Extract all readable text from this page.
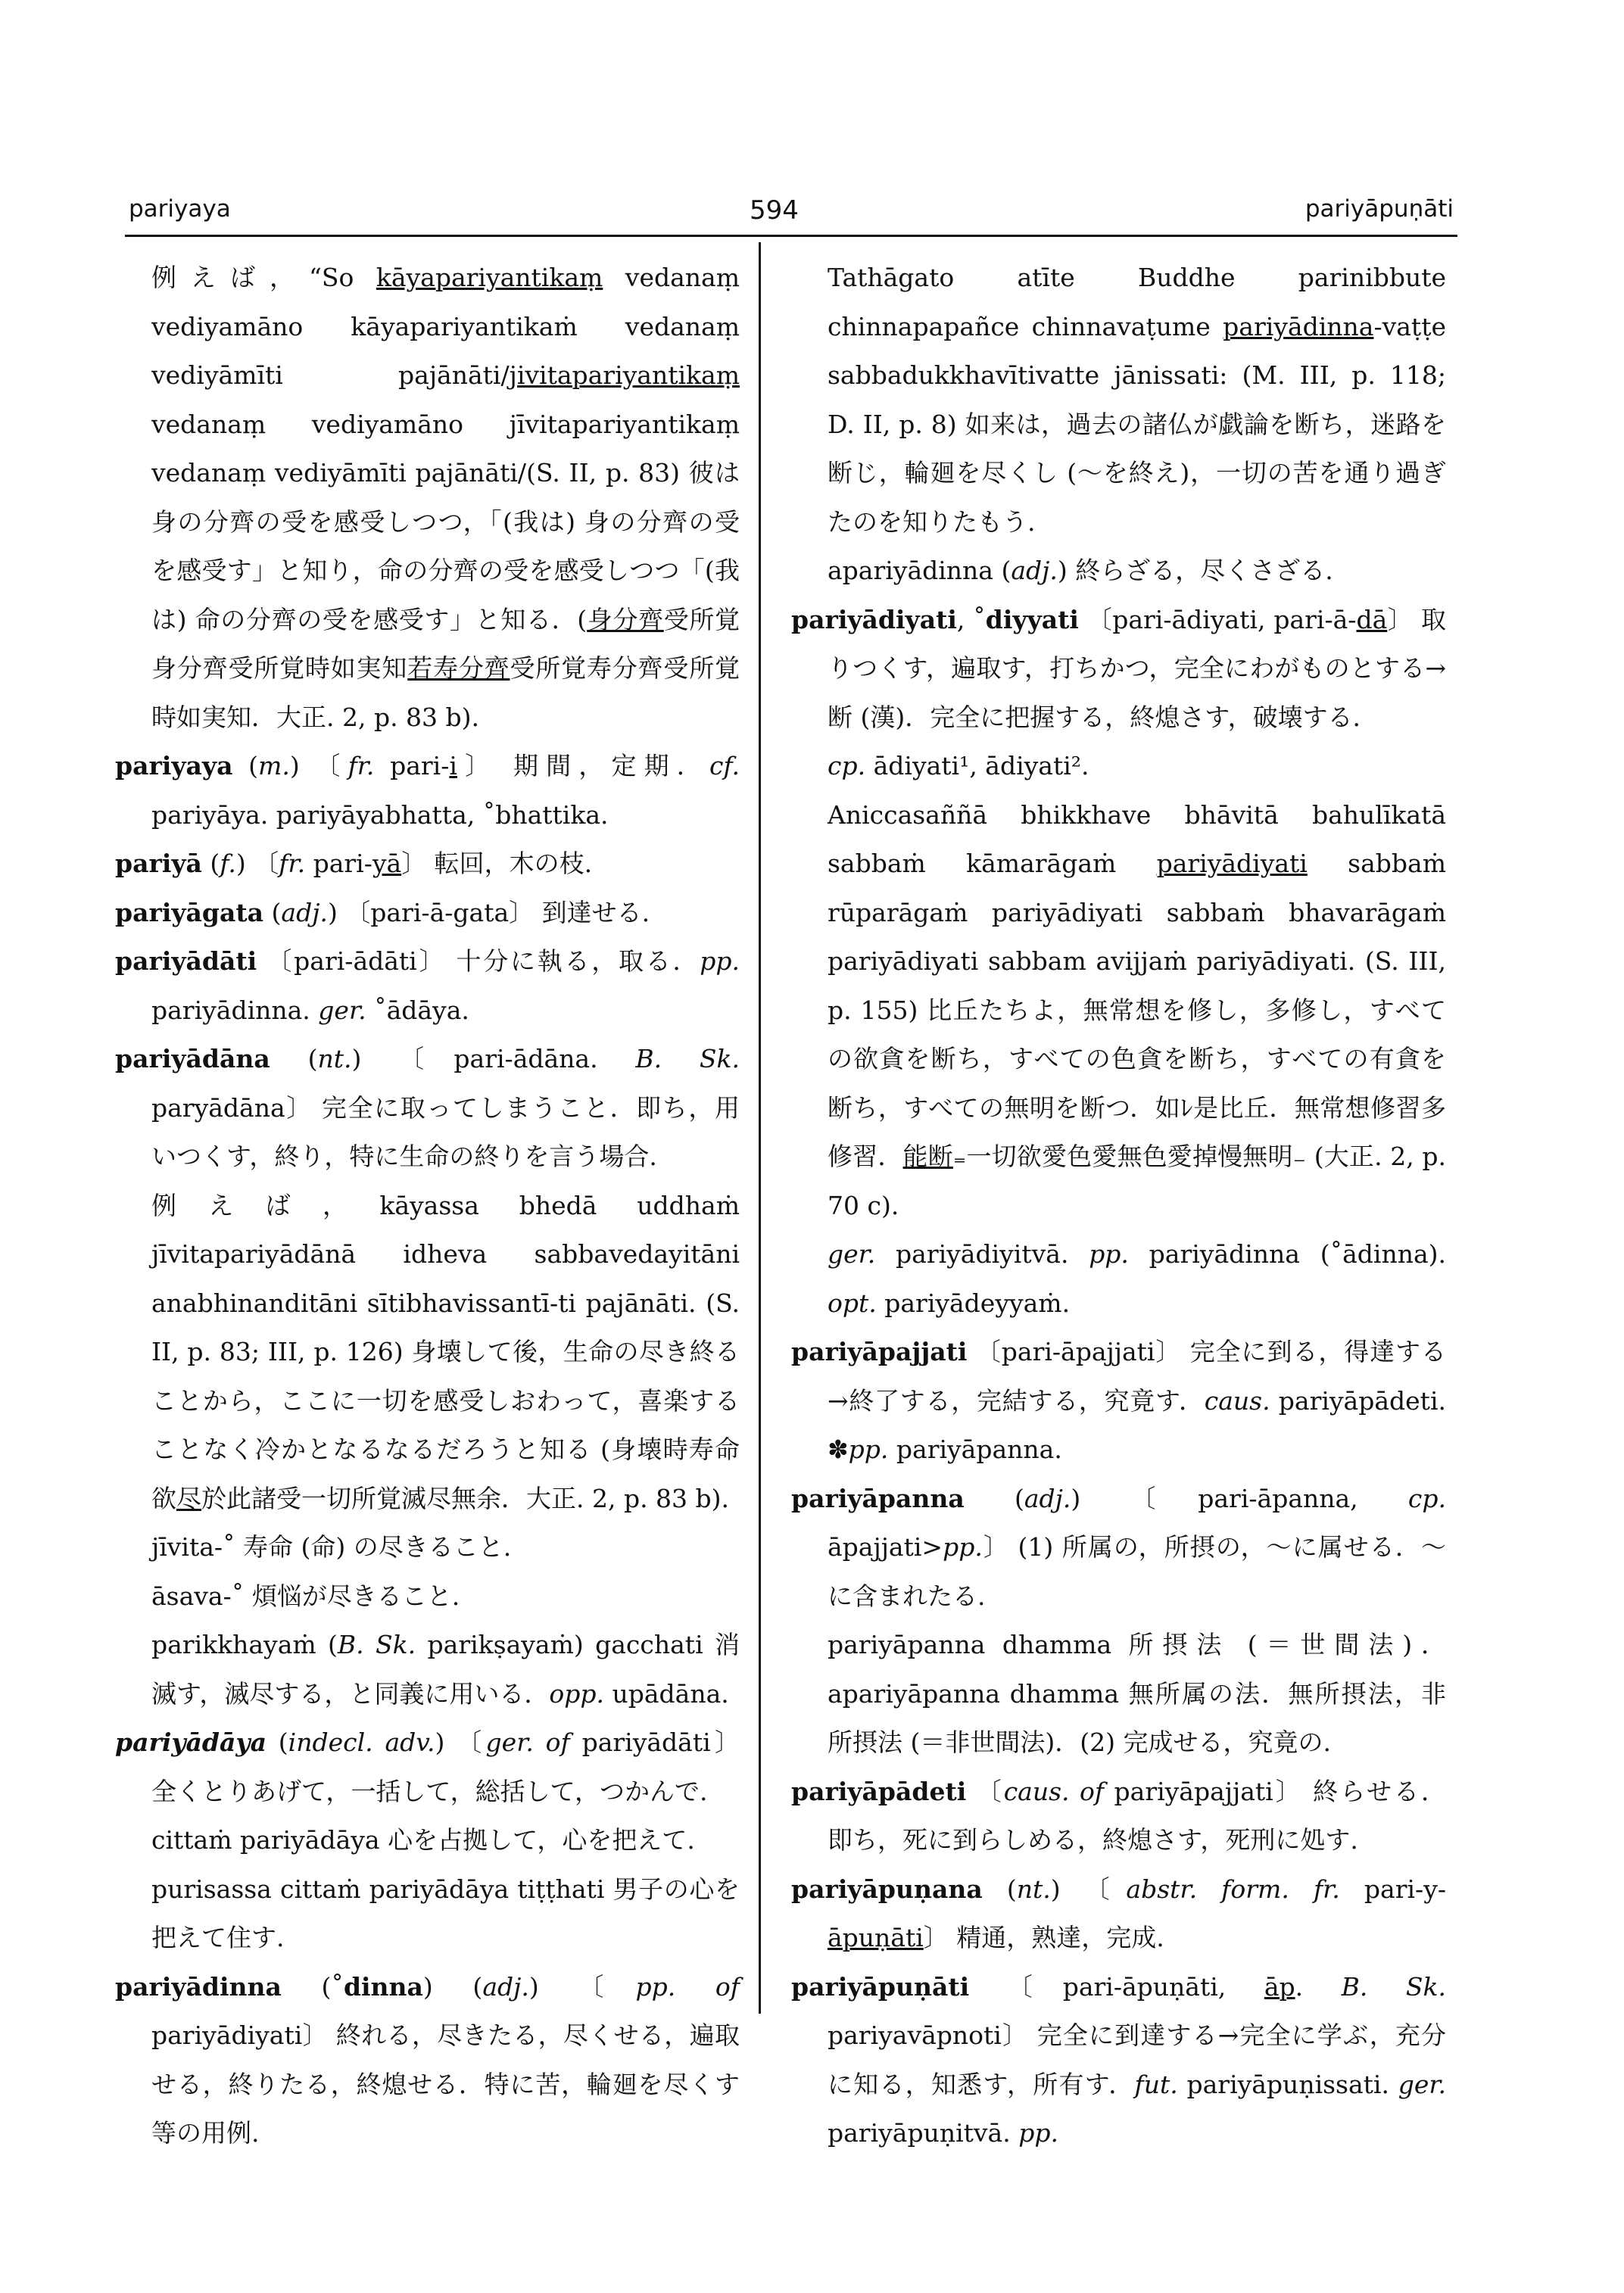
pariyaya	594	pariyāpuṇāti

例えば，“So kāyapariyantikaṃ vedanaṃ vediyamāno kāyapariyantikaṁ vedanaṃ vediyāmīti pajānāti/jivitapariyantikaṃ vedanaṃ vediyamāno jīvitapariyantikaṃ vedanaṃ vediyāmīti pajānāti/(S. II, p. 83) 彼は身の分齊の受を感受しつつ，「(我は) 身の分齊の受を感受す」と知り，命の分齊の受を感受しつつ「(我は) 命の分齊の受を感受す」と知る．(身分齊受所覚身分齊受所覚時如実知若寿分齊受所覚寿分齊受所覚時如実知．大正. 2, p. 83 b).

pariyaya (m.) 〔fr. pari-i〕 期間，定期．cf. pariyāya. pariyāyabhatta, ˚bhattika.

pariyā (f.) 〔fr. pari-yā〕 転回，木の枝.

pariyāgata (adj.) 〔pari-ā-gata〕 到達せる.

pariyādāti 〔pari-ādāti〕 十分に執る，取る．pp. pariyādinna. ger. ˚ādāya.

pariyādāna (nt.) 〔pari-ādāna. B. Sk. paryādāna〕 完全に取ってしまうこと．即ち，用いつくす，終り，特に生命の終りを言う場合.

例えば，kāyassa bhedā uddhaṁ jīvitapariyādānā idheva sabbavedayitāni anabhinanditāni sītibhavissantī-ti pajānāti. (S. II, p. 83; III, p. 126) 身壊して後，生命の尽き終ることから，ここに一切を感受しおわって，喜楽することなく冷かとなるなるだろうと知る (身壊時寿命欲尽於此諸受一切所覚滅尽無余．大正. 2, p. 83 b).

jīvita-˚ 寿命 (命) の尽きること.

āsava-˚ 煩悩が尽きること.

parikkhayaṁ (B. Sk. parikṣayaṁ) gacchati 消滅す，滅尽する，と同義に用いる．opp. upādāna.

pariyādāya (indecl. adv.) 〔ger. of pariyādāti〕 全くとりあげて，一括して，総括して，つかんで.

cittaṁ pariyādāya 心を占拠して，心を把えて.

purisassa cittaṁ pariyādāya tiṭṭhati 男子の心を把えて住す.

pariyādinna (˚dinna) (adj.) 〔pp. of pariyādiyati〕 終れる，尽きたる，尽くせる，遍取せる，終りたる，終熄せる．特に苦，輪廻を尽くす等の用例.

Tathāgato atīte Buddhe parinibbute chinnapapañce chinnavaṭume pariyādinna-vaṭṭe sabbadukkhavītivatte jānissati: (M. III, p. 118; D. II, p. 8) 如来は，過去の諸仏が戯論を断ち，迷路を断じ，輪廻を尽くし (～を終え)，一切の苦を通り過ぎたのを知りたもう.

apariyādinna (adj.) 終らざる，尽くさざる.

pariyādiyati, ˚diyyati 〔pari-ādiyati, pari-ā-dā〕 取りつくす，遍取す，打ちかつ，完全にわがものとする→断 (漢)．完全に把握する，終熄さす，破壊する．

cp. ādiyati¹, ādiyati².

Aniccasaññā bhikkhave bhāvitā bahulīkatā sabbaṁ kāmarāgaṁ pariyādiyati sabbaṁ rūparāgaṁ pariyādiyati sabbaṁ bhavarāgaṁ pariyādiyati sabbam avijjaṁ pariyādiyati. (S. III, p. 155) 比丘たちよ，無常想を修し，多修し，すべての欲貪を断ち，すべての色貪を断ち，すべての有貪を断ち，すべての無明を断つ．如ﾚ是比丘．無常想修習多修習．能断₌一切欲愛色愛無色愛掉慢無明₋ (大正. 2, p. 70 c).

ger. pariyādiyitvā. pp. pariyādinna (˚ādinna). opt. pariyādeyyaṁ.

pariyāpajjati 〔pari-āpajjati〕 完全に到る，得達する→終了する，完結する，究竟す．caus. pariyāpādeti. ✽pp. pariyāpanna.

pariyāpanna (adj.) 〔pari-āpanna, cp. āpajjati>pp.〕 (1) 所属の，所摂の，～に属せる．～に含まれたる.

pariyāpanna dhamma 所摂法 (＝世間法)．apariyāpanna dhamma 無所属の法．無所摂法，非所摂法 (＝非世間法)．(2) 完成せる，究竟の.

pariyāpādeti 〔caus. of pariyāpajjati〕 終らせる．即ち，死に到らしめる，終熄さす，死刑に処す.

pariyāpuṇana (nt.) 〔abstr. form. fr. pari-y-āpuṇāti〕 精通，熟達，完成.

pariyāpuṇāti 〔pari-āpuṇāti, āp. B. Sk. pariyavāpnoti〕 完全に到達する→完全に学ぶ，充分に知る，知悉す，所有す．fut. pariyāpuṇissati. ger. pariyāpuṇitvā. pp.
